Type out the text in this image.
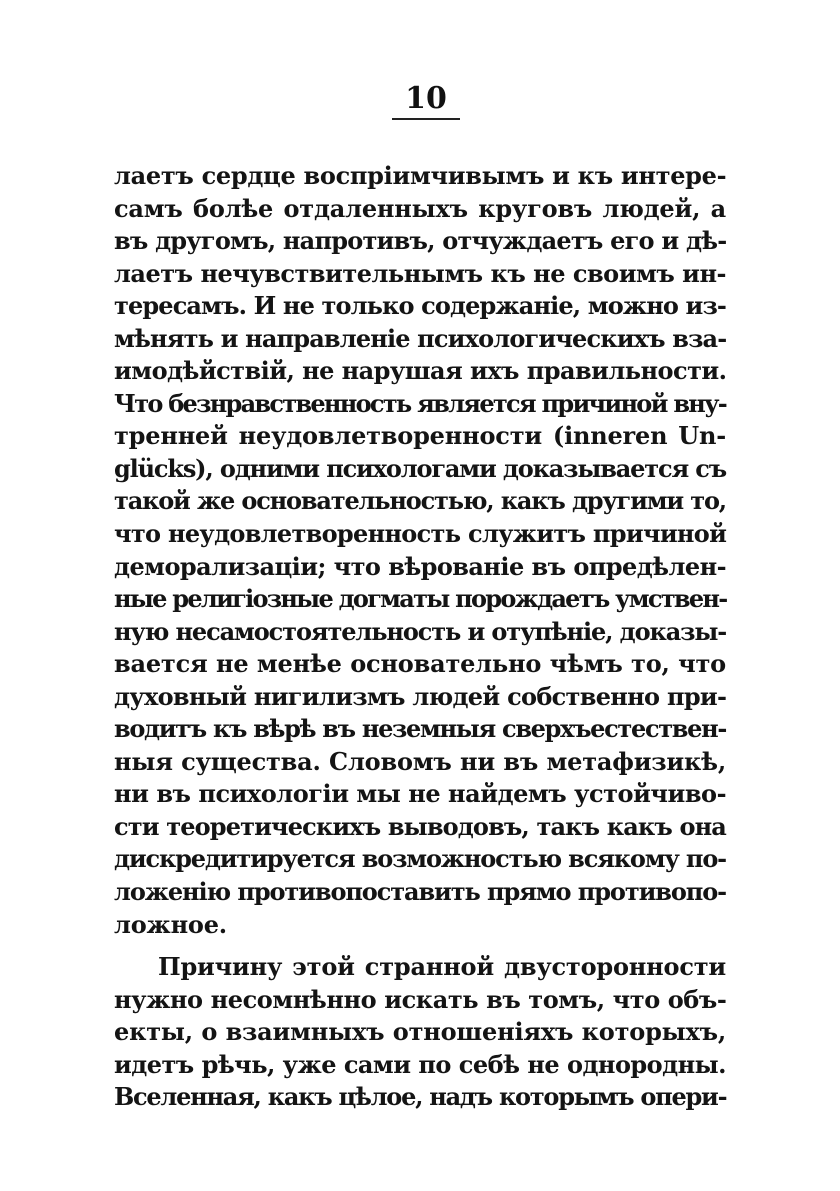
10
лаетъ сердце воспріимчивымъ и къ интере-
самъ болѣе отдаленныхъ круговъ людей, а
въ другомъ, напротивъ, отчуждаетъ его и дѣ-
лаетъ нечувствительнымъ къ не своимъ ин-
тересамъ. И не только содержаніе, можно из-
мѣнять и направленіе психологическихъ вза-
имодѣйствій, не нарушая ихъ правильности.
Что безнравственность является причиной вну-
тренней неудовлетворенности (inneren Un-
glücks), одними психологами доказывается съ
такой же основательностью, какъ другими то,
что неудовлетворенность служитъ причиной
деморализаціи; что вѣрованіе въ опредѣлен-
ные религіозные догматы порождаетъ умствен-
ную несамостоятельность и отупѣніе, доказы-
вается не менѣе основательно чѣмъ то, что
духовный нигилизмъ людей собственно при-
водитъ къ вѣрѣ въ неземныя сверхъестествен-
ныя существа. Словомъ ни въ метафизикѣ,
ни въ психологіи мы не найдемъ устойчиво-
сти теоретическихъ выводовъ, такъ какъ она
дискредитируется возможностью всякому по-
ложенію противопоставить прямо противопо-
ложное.
Причину этой странной двусторонности
нужно несомнѣнно искать въ томъ, что объ-
екты, о взаимныхъ отношеніяхъ которыхъ,
идетъ рѣчь, уже сами по себѣ не однородны.
Вселенная, какъ цѣлое, надъ которымъ опери-
